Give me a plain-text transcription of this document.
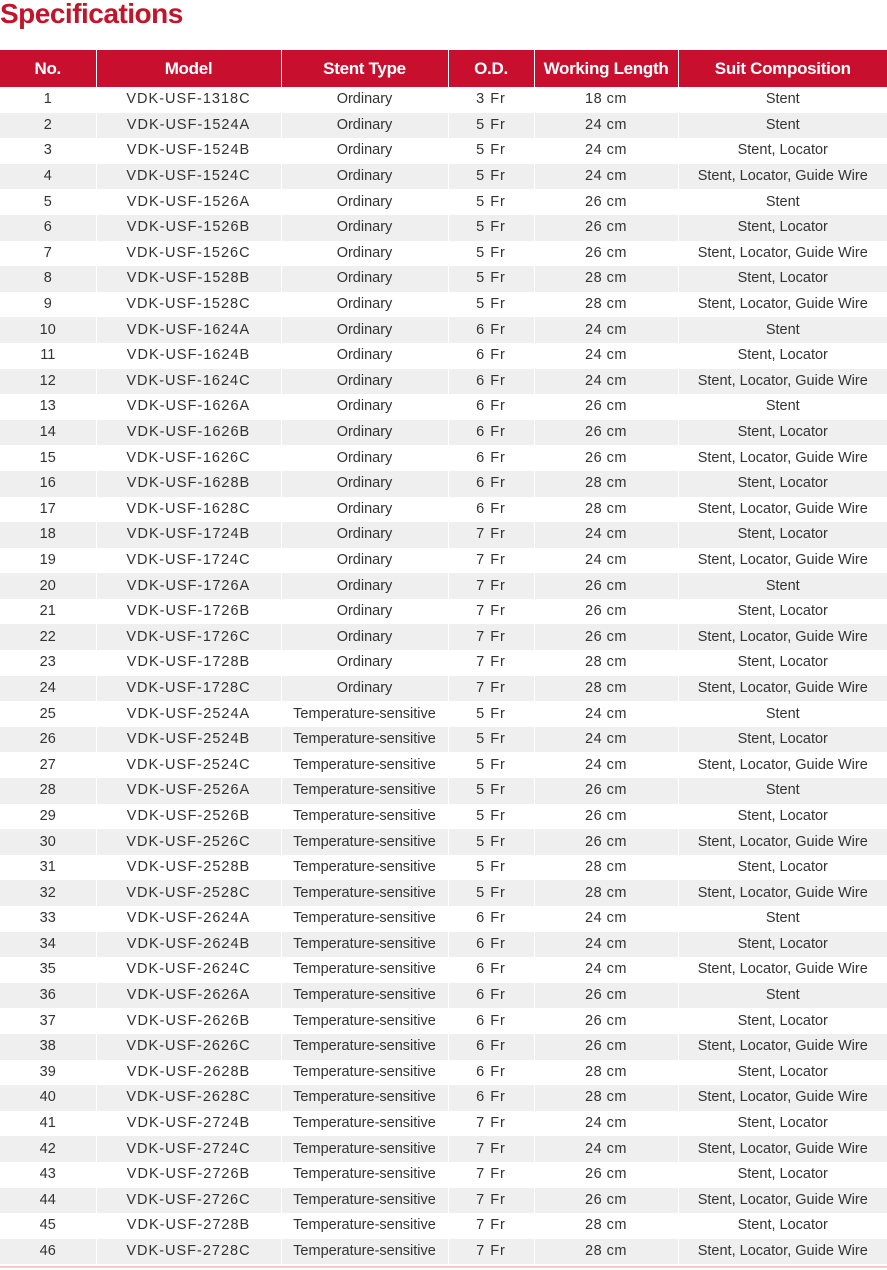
Specifications
No.	Model	Stent Type	O.D.	Working Length	Suit Composition
1	VDK-USF-1318C	Ordinary	3 Fr	18 cm	Stent
2	VDK-USF-1524A	Ordinary	5 Fr	24 cm	Stent
3	VDK-USF-1524B	Ordinary	5 Fr	24 cm	Stent, Locator
4	VDK-USF-1524C	Ordinary	5 Fr	24 cm	Stent, Locator, Guide Wire
5	VDK-USF-1526A	Ordinary	5 Fr	26 cm	Stent
6	VDK-USF-1526B	Ordinary	5 Fr	26 cm	Stent, Locator
7	VDK-USF-1526C	Ordinary	5 Fr	26 cm	Stent, Locator, Guide Wire
8	VDK-USF-1528B	Ordinary	5 Fr	28 cm	Stent, Locator
9	VDK-USF-1528C	Ordinary	5 Fr	28 cm	Stent, Locator, Guide Wire
10	VDK-USF-1624A	Ordinary	6 Fr	24 cm	Stent
11	VDK-USF-1624B	Ordinary	6 Fr	24 cm	Stent, Locator
12	VDK-USF-1624C	Ordinary	6 Fr	24 cm	Stent, Locator, Guide Wire
13	VDK-USF-1626A	Ordinary	6 Fr	26 cm	Stent
14	VDK-USF-1626B	Ordinary	6 Fr	26 cm	Stent, Locator
15	VDK-USF-1626C	Ordinary	6 Fr	26 cm	Stent, Locator, Guide Wire
16	VDK-USF-1628B	Ordinary	6 Fr	28 cm	Stent, Locator
17	VDK-USF-1628C	Ordinary	6 Fr	28 cm	Stent, Locator, Guide Wire
18	VDK-USF-1724B	Ordinary	7 Fr	24 cm	Stent, Locator
19	VDK-USF-1724C	Ordinary	7 Fr	24 cm	Stent, Locator, Guide Wire
20	VDK-USF-1726A	Ordinary	7 Fr	26 cm	Stent
21	VDK-USF-1726B	Ordinary	7 Fr	26 cm	Stent, Locator
22	VDK-USF-1726C	Ordinary	7 Fr	26 cm	Stent, Locator, Guide Wire
23	VDK-USF-1728B	Ordinary	7 Fr	28 cm	Stent, Locator
24	VDK-USF-1728C	Ordinary	7 Fr	28 cm	Stent, Locator, Guide Wire
25	VDK-USF-2524A	Temperature-sensitive	5 Fr	24 cm	Stent
26	VDK-USF-2524B	Temperature-sensitive	5 Fr	24 cm	Stent, Locator
27	VDK-USF-2524C	Temperature-sensitive	5 Fr	24 cm	Stent, Locator, Guide Wire
28	VDK-USF-2526A	Temperature-sensitive	5 Fr	26 cm	Stent
29	VDK-USF-2526B	Temperature-sensitive	5 Fr	26 cm	Stent, Locator
30	VDK-USF-2526C	Temperature-sensitive	5 Fr	26 cm	Stent, Locator, Guide Wire
31	VDK-USF-2528B	Temperature-sensitive	5 Fr	28 cm	Stent, Locator
32	VDK-USF-2528C	Temperature-sensitive	5 Fr	28 cm	Stent, Locator, Guide Wire
33	VDK-USF-2624A	Temperature-sensitive	6 Fr	24 cm	Stent
34	VDK-USF-2624B	Temperature-sensitive	6 Fr	24 cm	Stent, Locator
35	VDK-USF-2624C	Temperature-sensitive	6 Fr	24 cm	Stent, Locator, Guide Wire
36	VDK-USF-2626A	Temperature-sensitive	6 Fr	26 cm	Stent
37	VDK-USF-2626B	Temperature-sensitive	6 Fr	26 cm	Stent, Locator
38	VDK-USF-2626C	Temperature-sensitive	6 Fr	26 cm	Stent, Locator, Guide Wire
39	VDK-USF-2628B	Temperature-sensitive	6 Fr	28 cm	Stent, Locator
40	VDK-USF-2628C	Temperature-sensitive	6 Fr	28 cm	Stent, Locator, Guide Wire
41	VDK-USF-2724B	Temperature-sensitive	7 Fr	24 cm	Stent, Locator
42	VDK-USF-2724C	Temperature-sensitive	7 Fr	24 cm	Stent, Locator, Guide Wire
43	VDK-USF-2726B	Temperature-sensitive	7 Fr	26 cm	Stent, Locator
44	VDK-USF-2726C	Temperature-sensitive	7 Fr	26 cm	Stent, Locator, Guide Wire
45	VDK-USF-2728B	Temperature-sensitive	7 Fr	28 cm	Stent, Locator
46	VDK-USF-2728C	Temperature-sensitive	7 Fr	28 cm	Stent, Locator, Guide Wire
